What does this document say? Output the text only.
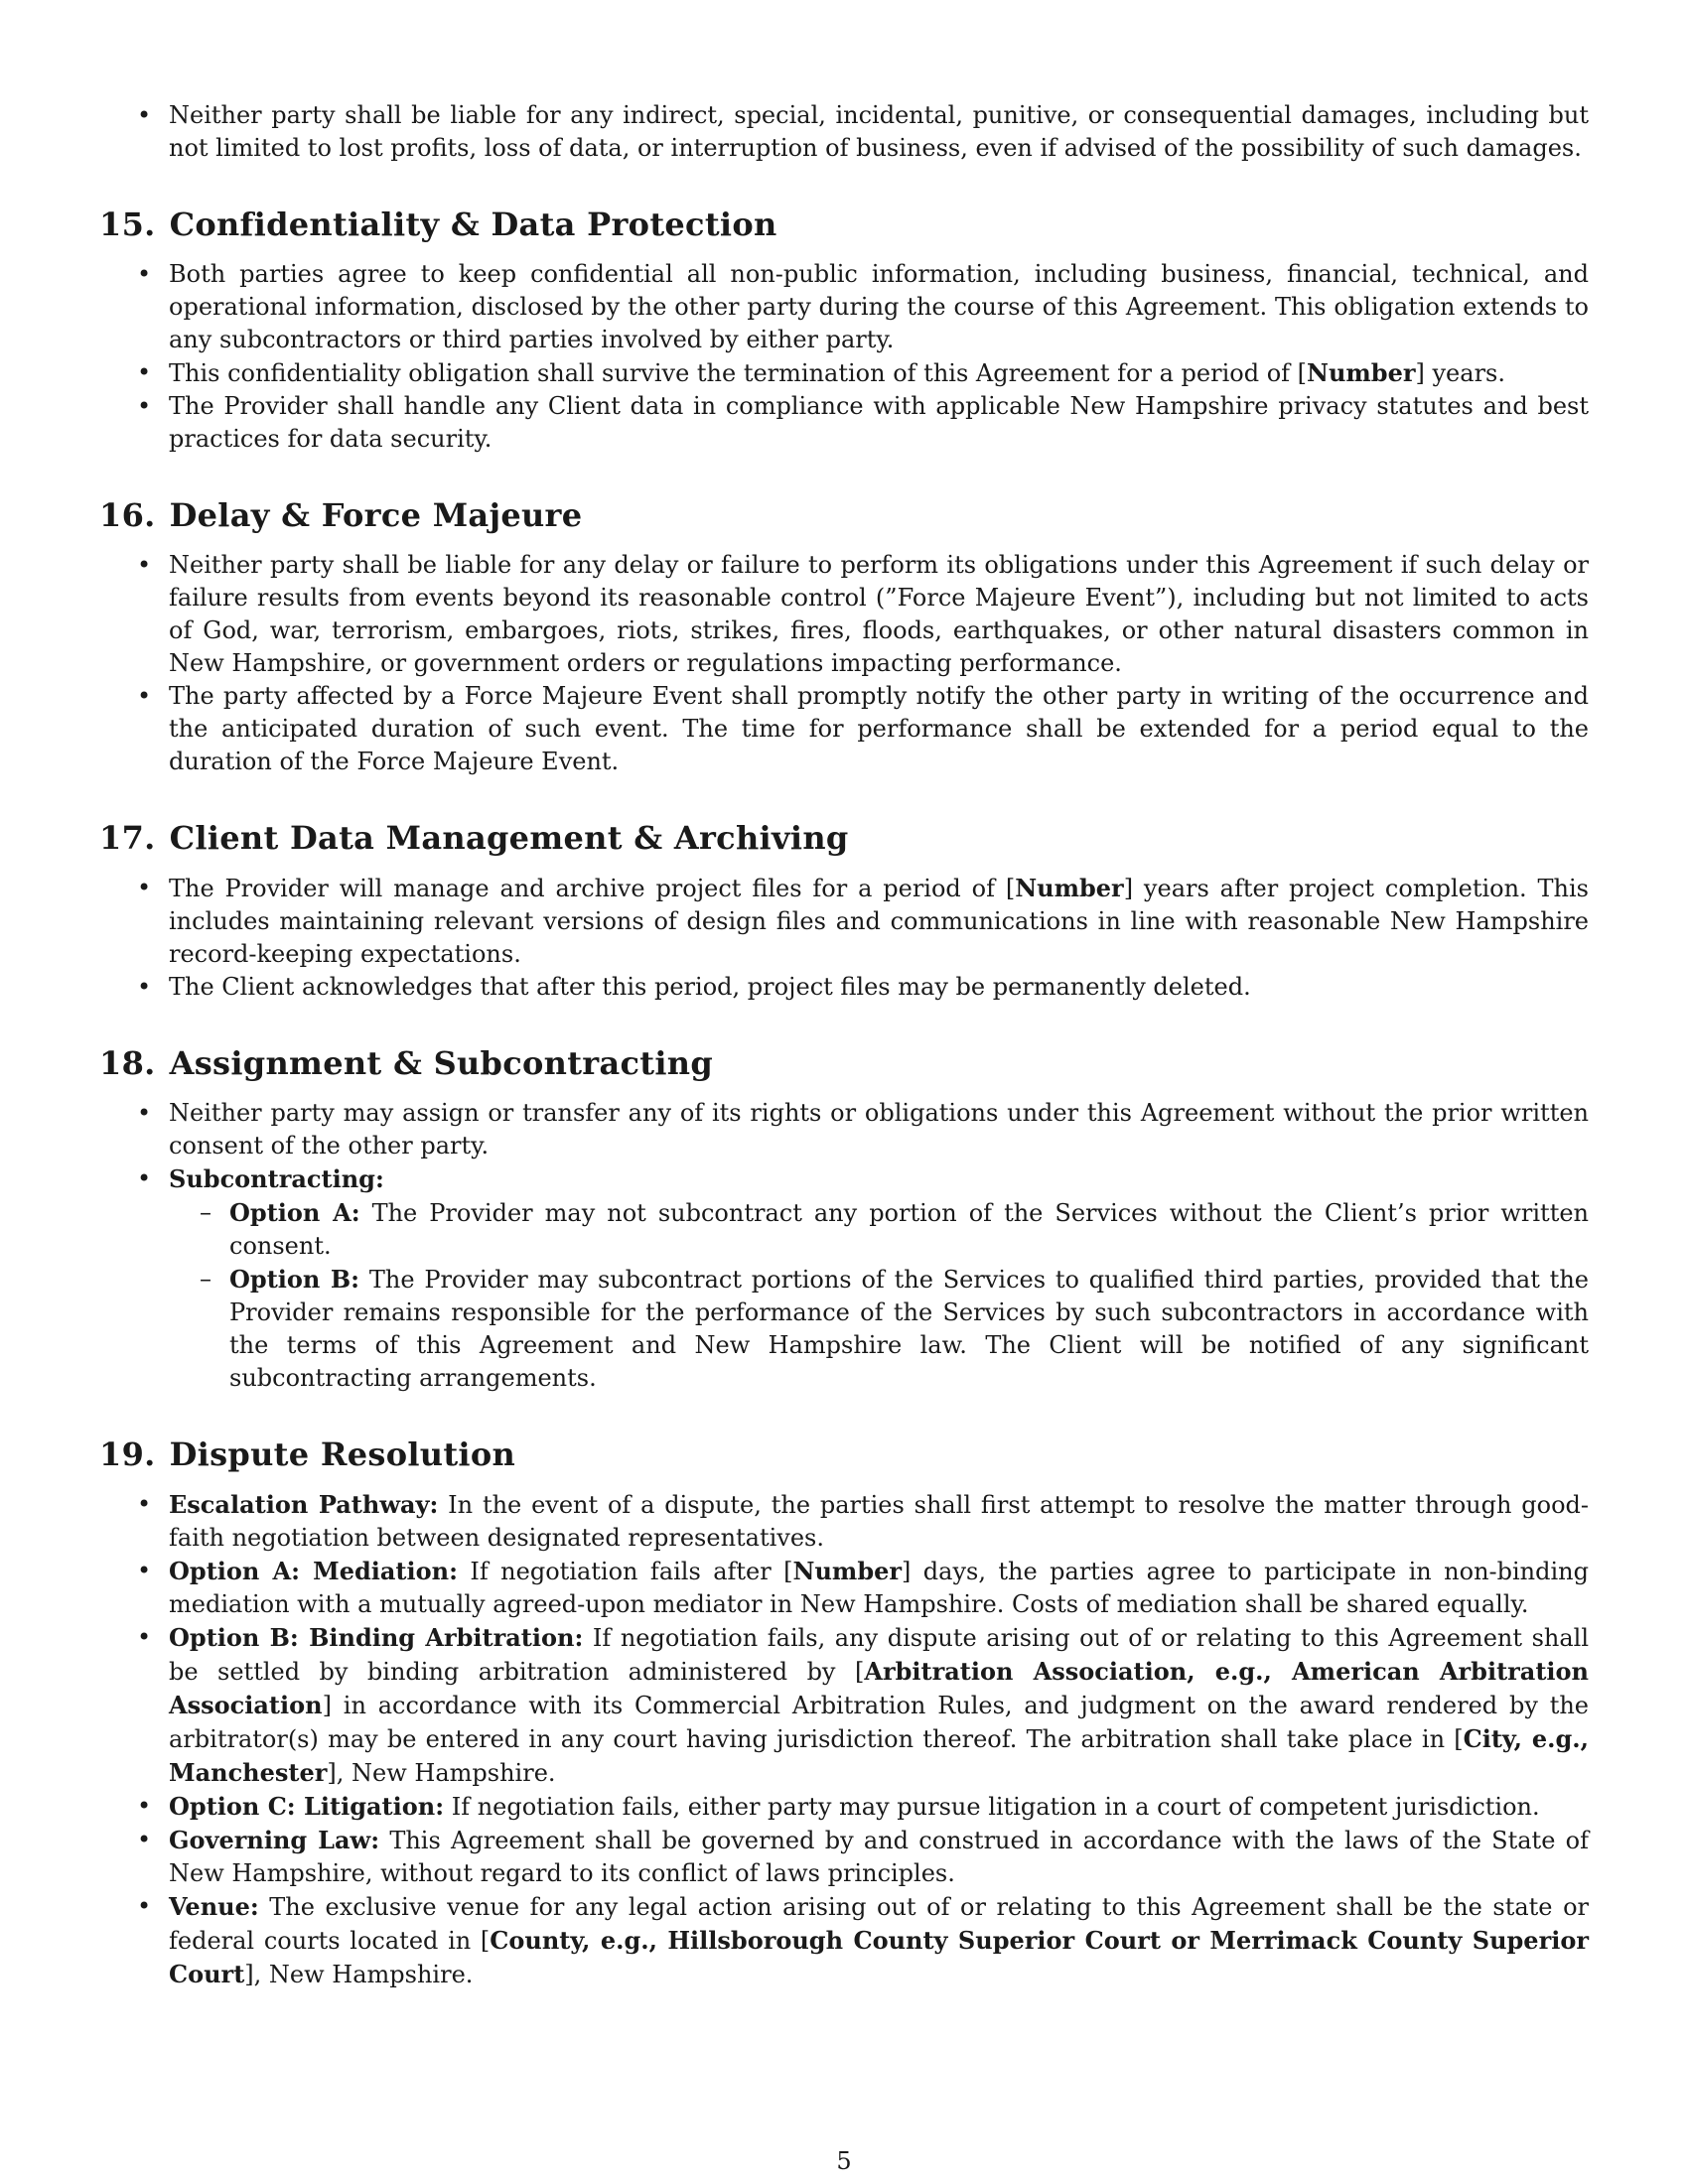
• Neither party shall be liable for any indirect, special, incidental, punitive, or consequential damages, including but not limited to lost profits, loss of data, or interruption of business, even if advised of the possibility of such damages.
15. Confidentiality & Data Protection
• Both parties agree to keep confidential all non-public information, including business, financial, technical, and operational information, disclosed by the other party during the course of this Agreement. This obligation extends to any subcontractors or third parties involved by either party.
• This confidentiality obligation shall survive the termination of this Agreement for a period of [Number] years.
• The Provider shall handle any Client data in compliance with applicable New Hampshire privacy statutes and best practices for data security.
16. Delay & Force Majeure
• Neither party shall be liable for any delay or failure to perform its obligations under this Agreement if such delay or failure results from events beyond its reasonable control (”Force Majeure Event”), including but not limited to acts of God, war, terrorism, embargoes, riots, strikes, fires, floods, earthquakes, or other natural disasters common in New Hampshire, or government orders or regulations impacting performance.
• The party affected by a Force Majeure Event shall promptly notify the other party in writing of the occurrence and the anticipated duration of such event. The time for performance shall be extended for a period equal to the duration of the Force Majeure Event.
17. Client Data Management & Archiving
• The Provider will manage and archive project files for a period of [Number] years after project completion. This includes maintaining relevant versions of design files and communications in line with reasonable New Hampshire record-keeping expectations.
• The Client acknowledges that after this period, project files may be permanently deleted.
18. Assignment & Subcontracting
• Neither party may assign or transfer any of its rights or obligations under this Agreement without the prior written consent of the other party.
• Subcontracting:
– Option A: The Provider may not subcontract any portion of the Services without the Client’s prior written consent.
– Option B: The Provider may subcontract portions of the Services to qualified third parties, provided that the Provider remains responsible for the performance of the Services by such subcontractors in accordance with the terms of this Agreement and New Hampshire law. The Client will be notified of any significant subcontracting arrangements.
19. Dispute Resolution
• Escalation Pathway: In the event of a dispute, the parties shall first attempt to resolve the matter through good-faith negotiation between designated representatives.
• Option A: Mediation: If negotiation fails after [Number] days, the parties agree to participate in non-binding mediation with a mutually agreed-upon mediator in New Hampshire. Costs of mediation shall be shared equally.
• Option B: Binding Arbitration: If negotiation fails, any dispute arising out of or relating to this Agreement shall be settled by binding arbitration administered by [Arbitration Association, e.g., American Arbitration Association] in accordance with its Commercial Arbitration Rules, and judgment on the award rendered by the arbitrator(s) may be entered in any court having jurisdiction thereof. The arbitration shall take place in [City, e.g., Manchester], New Hampshire.
• Option C: Litigation: If negotiation fails, either party may pursue litigation in a court of competent jurisdiction.
• Governing Law: This Agreement shall be governed by and construed in accordance with the laws of the State of New Hampshire, without regard to its conflict of laws principles.
• Venue: The exclusive venue for any legal action arising out of or relating to this Agreement shall be the state or federal courts located in [County, e.g., Hillsborough County Superior Court or Merrimack County Superior Court], New Hampshire.
5
